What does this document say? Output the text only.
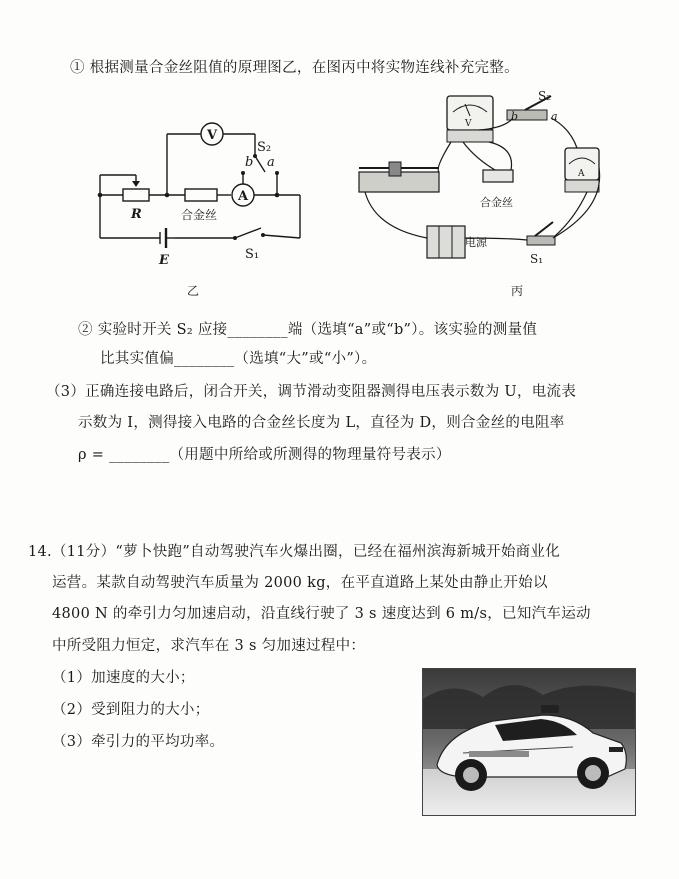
① 根据测量合金丝阻值的原理图乙，在图丙中将实物连线补充完整。
V
A
R	合金丝
E	S₁
S₂
b a
乙
V
A
S₂
b	a
合金丝
电源
S₁
丙
② 实验时开关 S₂ 应接________端（选填“a”或“b”）。该实验的测量值
比其实值偏________（选填“大”或“小”）。
（3）正确连接电路后，闭合开关，调节滑动变阻器测得电压表示数为 U，电流表
示数为 I，测得接入电路的合金丝长度为 L，直径为 D，则合金丝的电阻率
ρ = ________（用题中所给或所测得的物理量符号表示）
14.（11分）“萝卜快跑”自动驾驶汽车火爆出圈，已经在福州滨海新城开始商业化
运营。某款自动驾驶汽车质量为 2000 kg，在平直道路上某处由静止开始以
4800 N 的牵引力匀加速启动，沿直线行驶了 3 s 速度达到 6 m/s，已知汽车运动
中所受阻力恒定，求汽车在 3 s 匀加速过程中：
（1）加速度的大小；
（2）受到阻力的大小；
（3）牵引力的平均功率。
